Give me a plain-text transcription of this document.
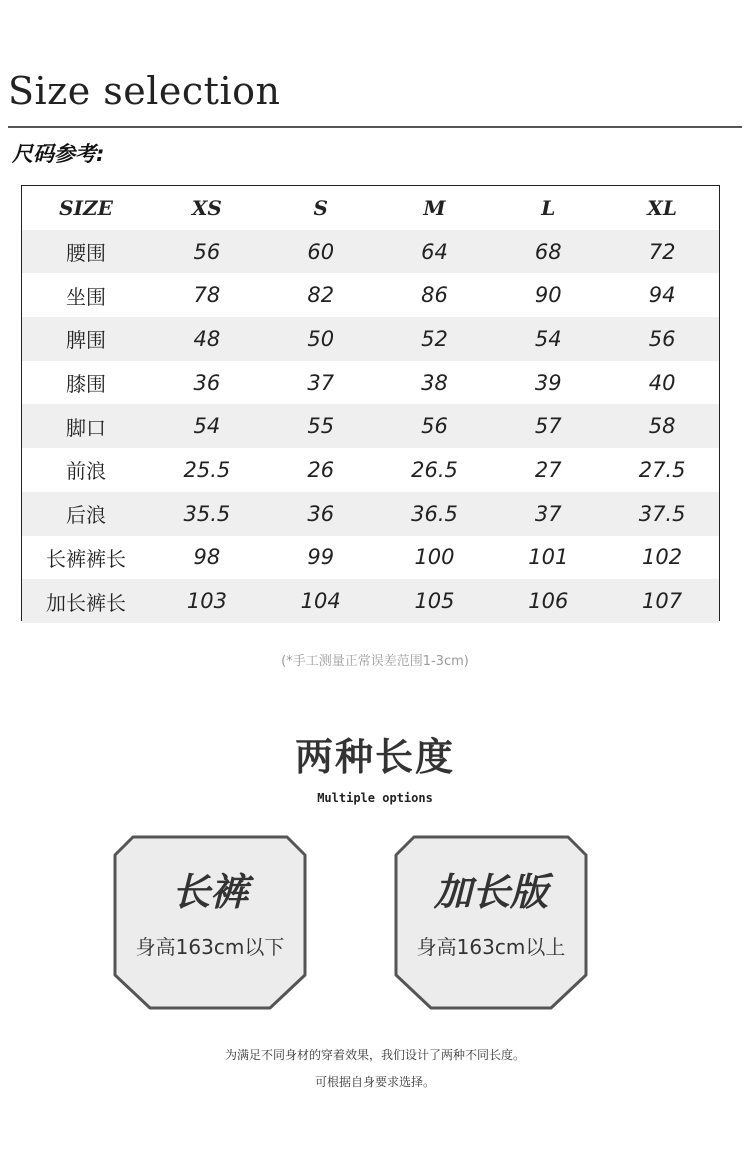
Size selection
尺码参考:
SIZE	XS	S	M	L	XL
腰围	56	60	64	68	72
坐围	78	82	86	90	94
脾围	48	50	52	54	56
膝围	36	37	38	39	40
脚口	54	55	56	57	58
前浪	25.5	26	26.5	27	27.5
后浪	35.5	36	36.5	37	37.5
长裤裤长	98	99	100	101	102
加长裤长	103	104	105	106	107
(*手工测量正常误差范围1-3cm)
两种长度
Multiple options
长裤
身高163cm以下
加长版
身高163cm以上
为满足不同身材的穿着效果，我们设计了两种不同长度。
可根据自身要求选择。
